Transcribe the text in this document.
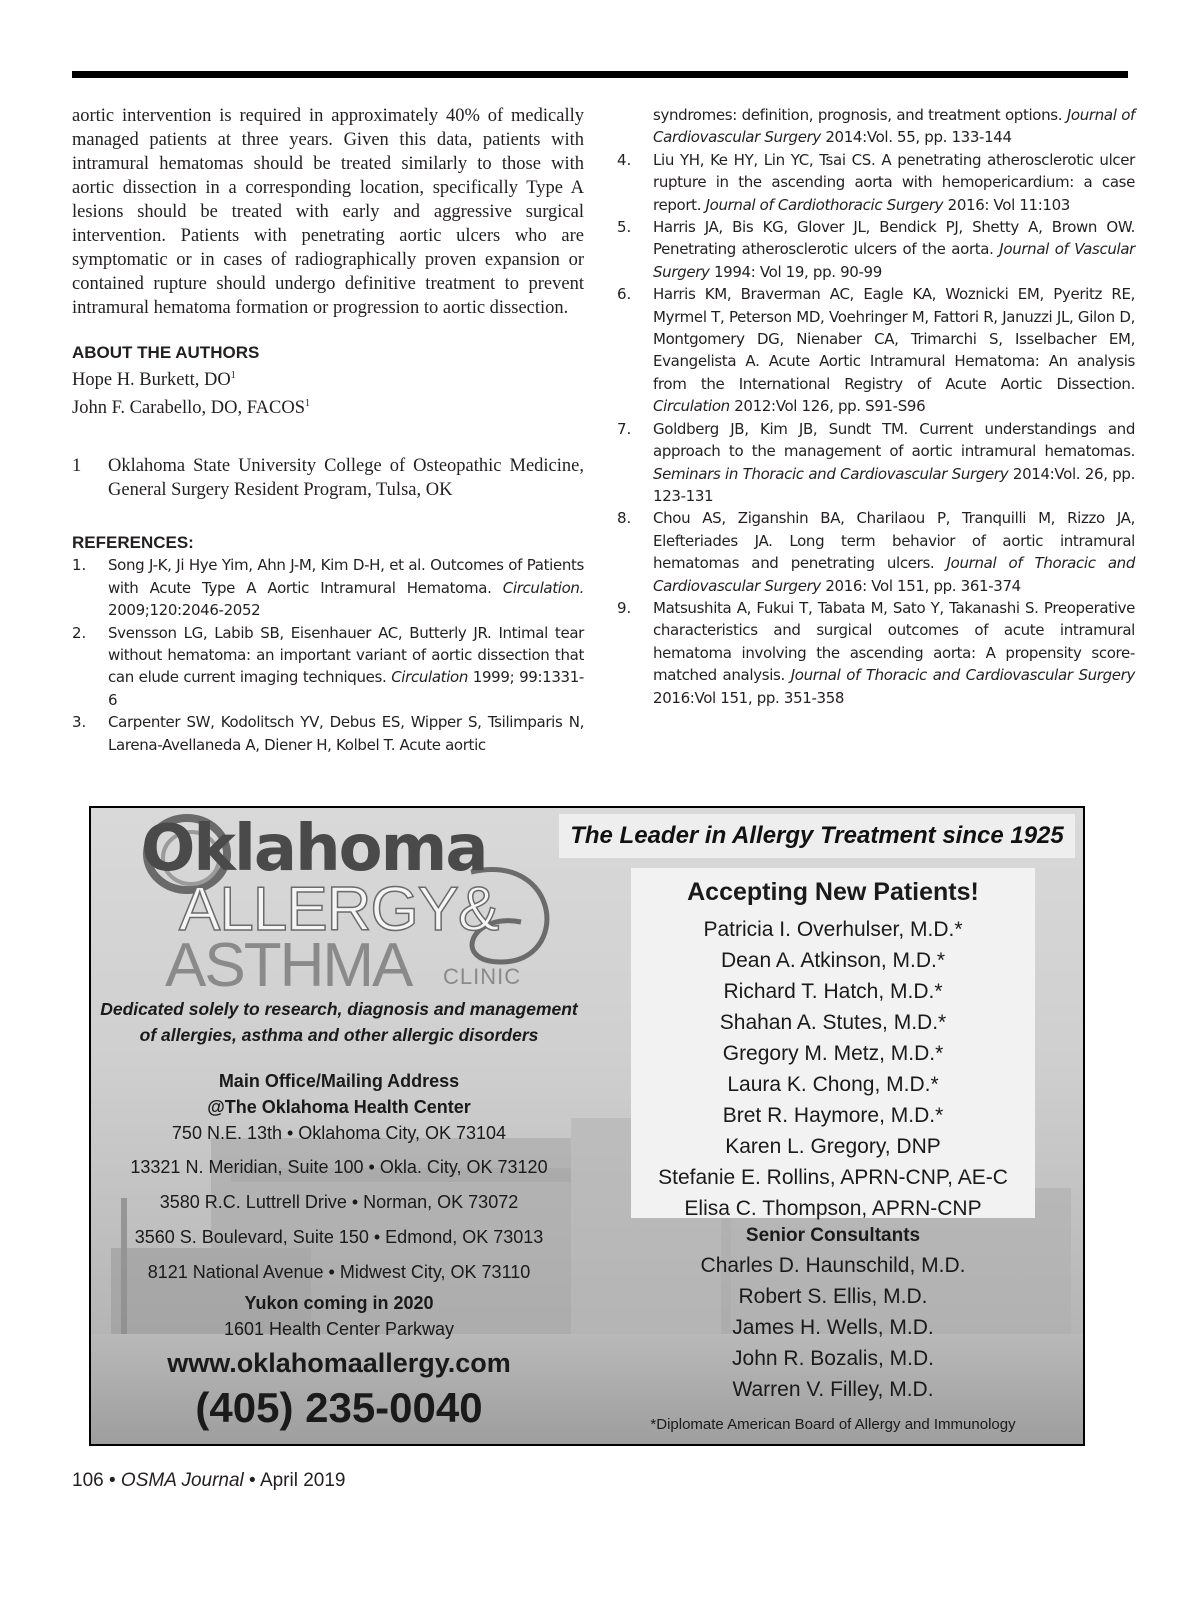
aortic intervention is required in approximately 40% of medically managed patients at three years. Given this data, patients with intramural hematomas should be treated similarly to those with aortic dissection in a corresponding location, specifically Type A lesions should be treated with early and aggressive surgical intervention. Patients with penetrating aortic ulcers who are symptomatic or in cases of radiographically proven expansion or contained rupture should undergo definitive treatment to prevent intramural hematoma formation or progression to aortic dissection.

ABOUT THE AUTHORS

Hope H. Burkett, $DO^1$

John F. Carabello, DO, FACOS$^1$

1	Oklahoma State University College of Osteopathic Medicine, General Surgery Resident Program, Tulsa, OK

REFERENCES:

1.	Song J-K, Ji Hye Yim, Ahn J-M, Kim D-H, et al. Outcomes of Patients with Acute Type A Aortic Intramural Hematoma. Circulation. 2009;120:2046-2052
2.	Svensson LG, Labib SB, Eisenhauer AC, Butterly JR. Intimal tear without hematoma: an important variant of aortic dissection that can elude current imaging techniques. Circulation 1999; 99:1331-6
3.	Carpenter SW, Kodolitsch YV, Debus ES, Wipper S, Tsilimparis N, Larena-Avellaneda A, Diener H, Kolbel T. Acute aortic
syndromes: definition, prognosis, and treatment options. Journal of Cardiovascular Surgery 2014:Vol. 55, pp. 133-144
4.	Liu YH, Ke HY, Lin YC, Tsai CS. A penetrating atherosclerotic ulcer rupture in the ascending aorta with hemopericardium: a case report. Journal of Cardiothoracic Surgery 2016: Vol 11:103
5.	Harris JA, Bis KG, Glover JL, Bendick PJ, Shetty A, Brown OW. Penetrating atherosclerotic ulcers of the aorta. Journal of Vascular Surgery 1994: Vol 19, pp. 90-99
6.	Harris KM, Braverman AC, Eagle KA, Woznicki EM, Pyeritz RE, Myrmel T, Peterson MD, Voehringer M, Fattori R, Januzzi JL, Gilon D, Montgomery DG, Nienaber CA, Trimarchi S, Isselbacher EM, Evangelista A. Acute Aortic Intramural Hematoma: An analysis from the International Registry of Acute Aortic Dissection. Circulation 2012:Vol 126, pp. S91-S96
7.	Goldberg JB, Kim JB, Sundt TM. Current understandings and approach to the management of aortic intramural hematomas. Seminars in Thoracic and Cardiovascular Surgery 2014:Vol. 26, pp. 123-131
8.	Chou AS, Ziganshin BA, Charilaou P, Tranquilli M, Rizzo JA, Elefteriades JA. Long term behavior of aortic intramural hematomas and penetrating ulcers. Journal of Thoracic and Cardiovascular Surgery 2016: Vol 151, pp. 361-374
9.	Matsushita A, Fukui T, Tabata M, Sato Y, Takanashi S. Preoperative characteristics and surgical outcomes of acute intramural hematoma involving the ascending aorta: A propensity score-matched analysis. Journal of Thoracic and Cardiovascular Surgery 2016:Vol 151, pp. 351-358
The Leader in Allergy Treatment since 1925
Oklahoma
ALLERGY&
ASTHMA CLINIC

Dedicated solely to research, diagnosis and management

of allergies, asthma and other allergic disorders

Main Office/Mailing Address

@The Oklahoma Health Center

750 N.E. 13th • Oklahoma City, OK 73104

13321 N. Meridian, Suite 100 • Okla. City, OK 73120

3580 R.C. Luttrell Drive • Norman, OK 73072

3560 S. Boulevard, Suite 150 • Edmond, OK 73013

8121 National Avenue • Midwest City, OK 73110

Yukon coming in 2020

1601 Health Center Parkway

www.oklahomaallergy.com

(405) 235-0040

Accepting New Patients!

Patricia I. Overhulser, M.D.*
Dean A. Atkinson, M.D.*
Richard T. Hatch, M.D.*
Shahan A. Stutes, M.D.*
Gregory M. Metz, M.D.*
Laura K. Chong, M.D.*
Bret R. Haymore, M.D.*
Karen L. Gregory, DNP
Stefanie E. Rollins, APRN-CNP, AE-C
Elisa C. Thompson, APRN-CNP

Senior Consultants

Charles D. Haunschild, M.D.
Robert S. Ellis, M.D.
James H. Wells, M.D.
John R. Bozalis, M.D.
Warren V. Filley, M.D.
*Diplomate American Board of Allergy and Immunology
106 • OSMA Journal • April 2019
